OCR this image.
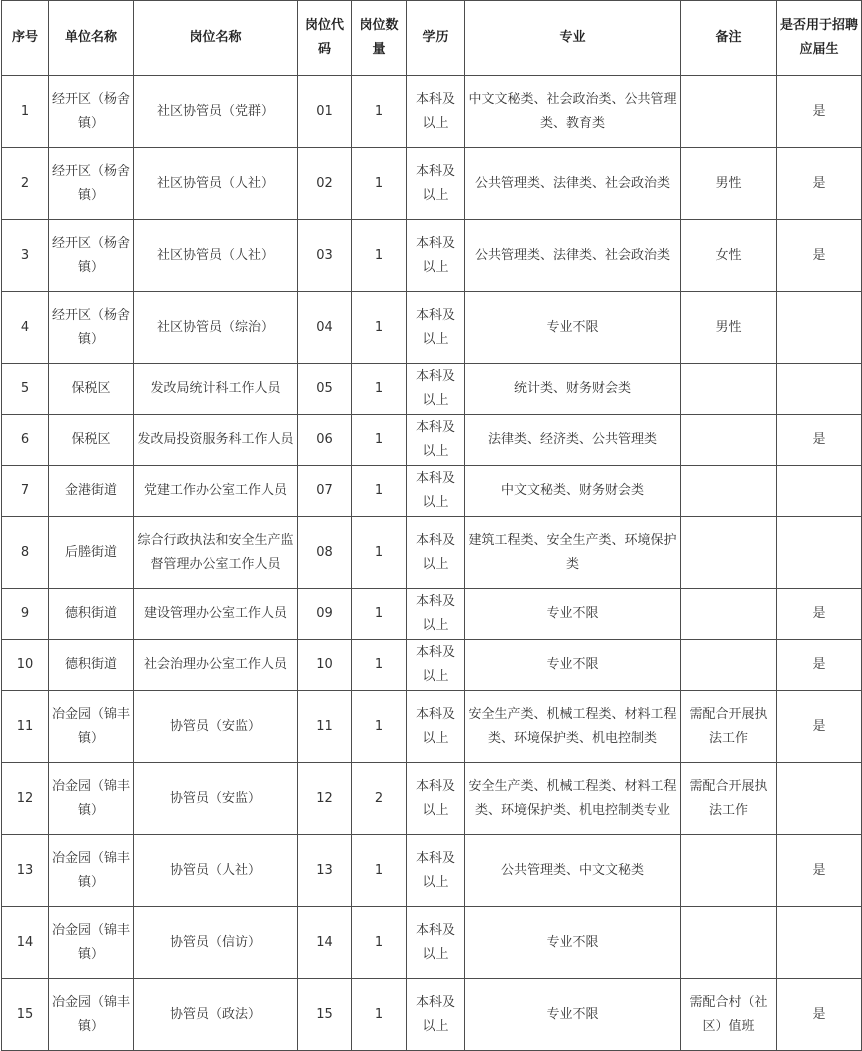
序号	单位名称	岗位名称	岗位代码	岗位数量	学历	专业	备注	是否用于招聘应届生
1	经开区（杨舍镇）	社区协管员（党群）	01	1	本科及以上	中文文秘类、社会政治类、公共管理类、教育类		是
2	经开区（杨舍镇）	社区协管员（人社）	02	1	本科及以上	公共管理类、法律类、社会政治类	男性	是
3	经开区（杨舍镇）	社区协管员（人社）	03	1	本科及以上	公共管理类、法律类、社会政治类	女性	是
4	经开区（杨舍镇）	社区协管员（综治）	04	1	本科及以上	专业不限	男性	
5	保税区	发改局统计科工作人员	05	1	本科及以上	统计类、财务财会类		
6	保税区	发改局投资服务科工作人员	06	1	本科及以上	法律类、经济类、公共管理类		是
7	金港街道	党建工作办公室工作人员	07	1	本科及以上	中文文秘类、财务财会类		
8	后塍街道	综合行政执法和安全生产监督管理办公室工作人员	08	1	本科及以上	建筑工程类、安全生产类、环境保护类		
9	德积街道	建设管理办公室工作人员	09	1	本科及以上	专业不限		是
10	德积街道	社会治理办公室工作人员	10	1	本科及以上	专业不限		是
11	冶金园（锦丰镇）	协管员（安监）	11	1	本科及以上	安全生产类、机械工程类、材料工程类、环境保护类、机电控制类	需配合开展执法工作	是
12	冶金园（锦丰镇）	协管员（安监）	12	2	本科及以上	安全生产类、机械工程类、材料工程类、环境保护类、机电控制类专业	需配合开展执法工作	
13	冶金园（锦丰镇）	协管员（人社）	13	1	本科及以上	公共管理类、中文文秘类		是
14	冶金园（锦丰镇）	协管员（信访）	14	1	本科及以上	专业不限		
15	冶金园（锦丰镇）	协管员（政法）	15	1	本科及以上	专业不限	需配合村（社区）值班	是
